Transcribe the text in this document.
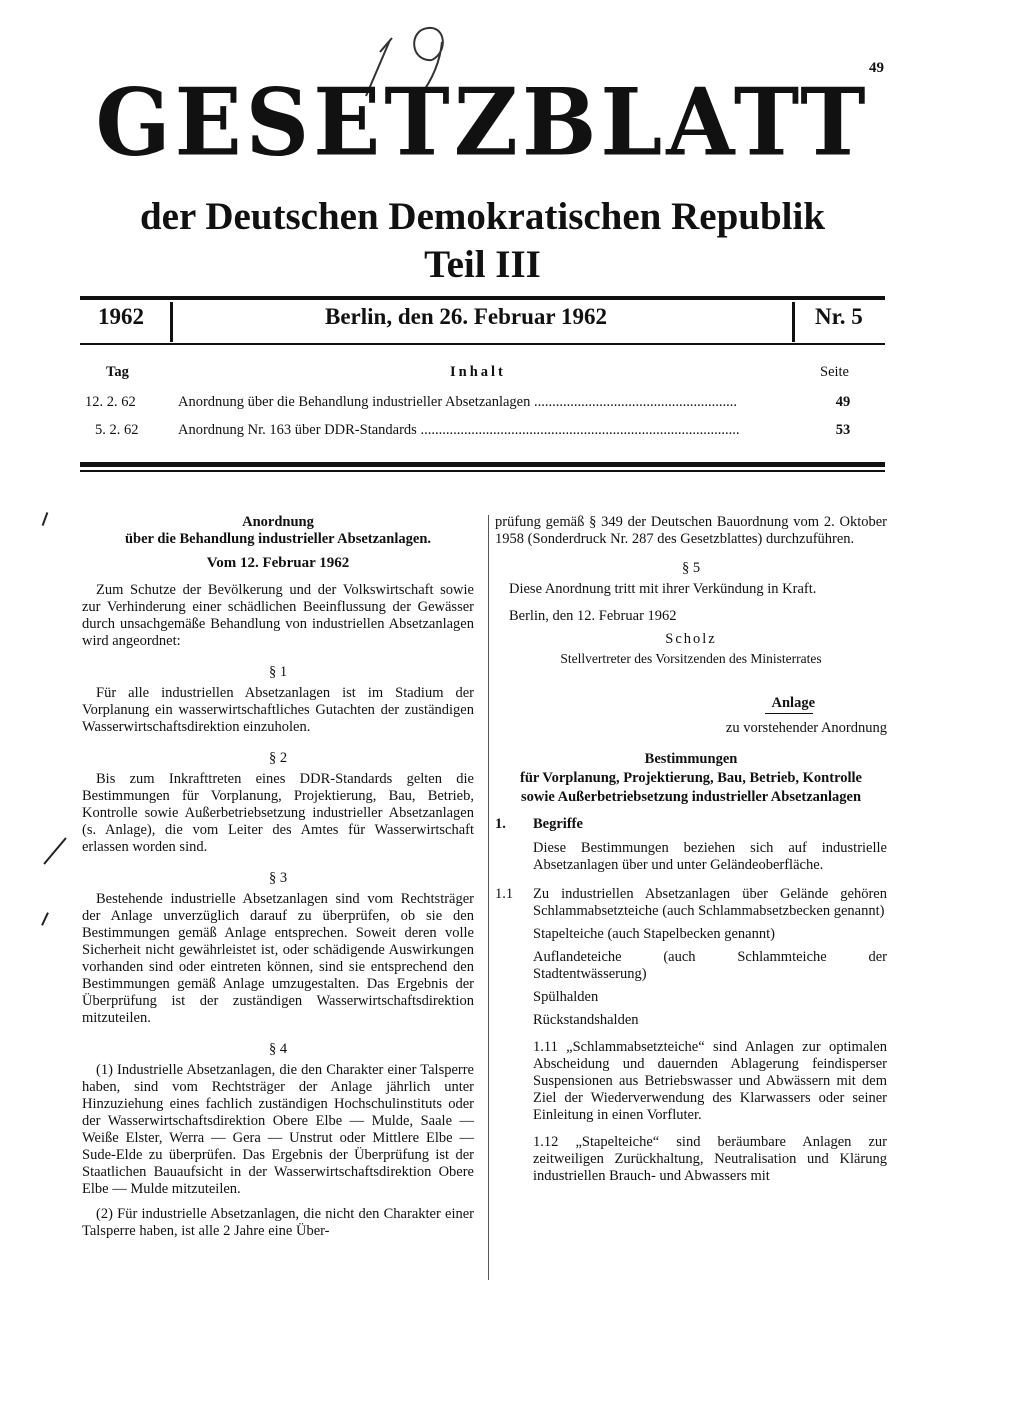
49
GESETZBLATT
der Deutschen Demokratischen Republik
Teil III
1962	Berlin, den 26. Februar 1962	Nr. 5
Tag	Inhalt	Seite
12. 2. 62	Anordnung über die Behandlung industrieller Absetzanlagen ........................................................	49
5. 2. 62	Anordnung Nr. 163 über DDR-Standards ........................................................................................	53

Anordnung

über die Behandlung industrieller Absetzanlagen.

Vom 12. Februar 1962

Zum Schutze der Bevölkerung und der Volkswirtschaft sowie zur Verhinderung einer schädlichen Beeinflussung der Gewässer durch unsachgemäße Behandlung von industriellen Absetzanlagen wird angeordnet:

§ 1

Für alle industriellen Absetzanlagen ist im Stadium der Vorplanung ein wasserwirtschaftliches Gutachten der zuständigen Wasserwirtschaftsdirektion einzuholen.

§ 2

Bis zum Inkrafttreten eines DDR-Standards gelten die Bestimmungen für Vorplanung, Projektierung, Bau, Betrieb, Kontrolle sowie Außerbetriebsetzung industrieller Absetzanlagen (s. Anlage), die vom Leiter des Amtes für Wasserwirtschaft erlassen worden sind.

§ 3

Bestehende industrielle Absetzanlagen sind vom Rechtsträger der Anlage unverzüglich darauf zu überprüfen, ob sie den Bestimmungen gemäß Anlage entsprechen. Soweit deren volle Sicherheit nicht gewährleistet ist, oder schädigende Auswirkungen vorhanden sind oder eintreten können, sind sie entsprechend den Bestimmungen gemäß Anlage umzugestalten. Das Ergebnis der Überprüfung ist der zuständigen Wasserwirtschaftsdirektion mitzuteilen.

§ 4

(1) Industrielle Absetzanlagen, die den Charakter einer Talsperre haben, sind vom Rechtsträger der Anlage jährlich unter Hinzuziehung eines fachlich zuständigen Hochschulinstituts oder der Wasserwirtschaftsdirektion Obere Elbe — Mulde, Saale — Weiße Elster, Werra — Gera — Unstrut oder Mittlere Elbe — Sude-Elde zu überprüfen. Das Ergebnis der Überprüfung ist der Staatlichen Bauaufsicht in der Wasserwirtschaftsdirektion Obere Elbe — Mulde mitzuteilen.

(2) Für industrielle Absetzanlagen, die nicht den Charakter einer Talsperre haben, ist alle 2 Jahre eine Über-

prüfung gemäß § 349 der Deutschen Bauordnung vom 2. Oktober 1958 (Sonderdruck Nr. 287 des Gesetzblattes) durchzuführen.

§ 5

Diese Anordnung tritt mit ihrer Verkündung in Kraft.

Berlin, den 12. Februar 1962

Scholz

Stellvertreter des Vorsitzenden des Ministerrates

Anlage

zu vorstehender Anordnung

Bestimmungen

für Vorplanung, Projektierung, Bau, Betrieb, Kontrolle

sowie Außerbetriebsetzung industrieller Absetzanlagen

1. Begriffe

Diese Bestimmungen beziehen sich auf industrielle Absetzanlagen über und unter Geländeoberfläche.

1.1 Zu industriellen Absetzanlagen über Gelände gehören Schlammabsetzteiche (auch Schlammabsetzbecken genannt)

Stapelteiche (auch Stapelbecken genannt)

Auflandeteiche (auch Schlammteiche der Stadtentwässerung)

Spülhalden

Rückstandshalden

1.11 „Schlammabsetzteiche“ sind Anlagen zur optimalen Abscheidung und dauernden Ablagerung feindisperser Suspensionen aus Betriebswasser und Abwässern mit dem Ziel der Wiederverwendung des Klarwassers oder seiner Einleitung in einen Vorfluter.

1.12 „Stapelteiche“ sind beräumbare Anlagen zur zeitweiligen Zurückhaltung, Neutralisation und Klärung industriellen Brauch- und Abwassers mit
